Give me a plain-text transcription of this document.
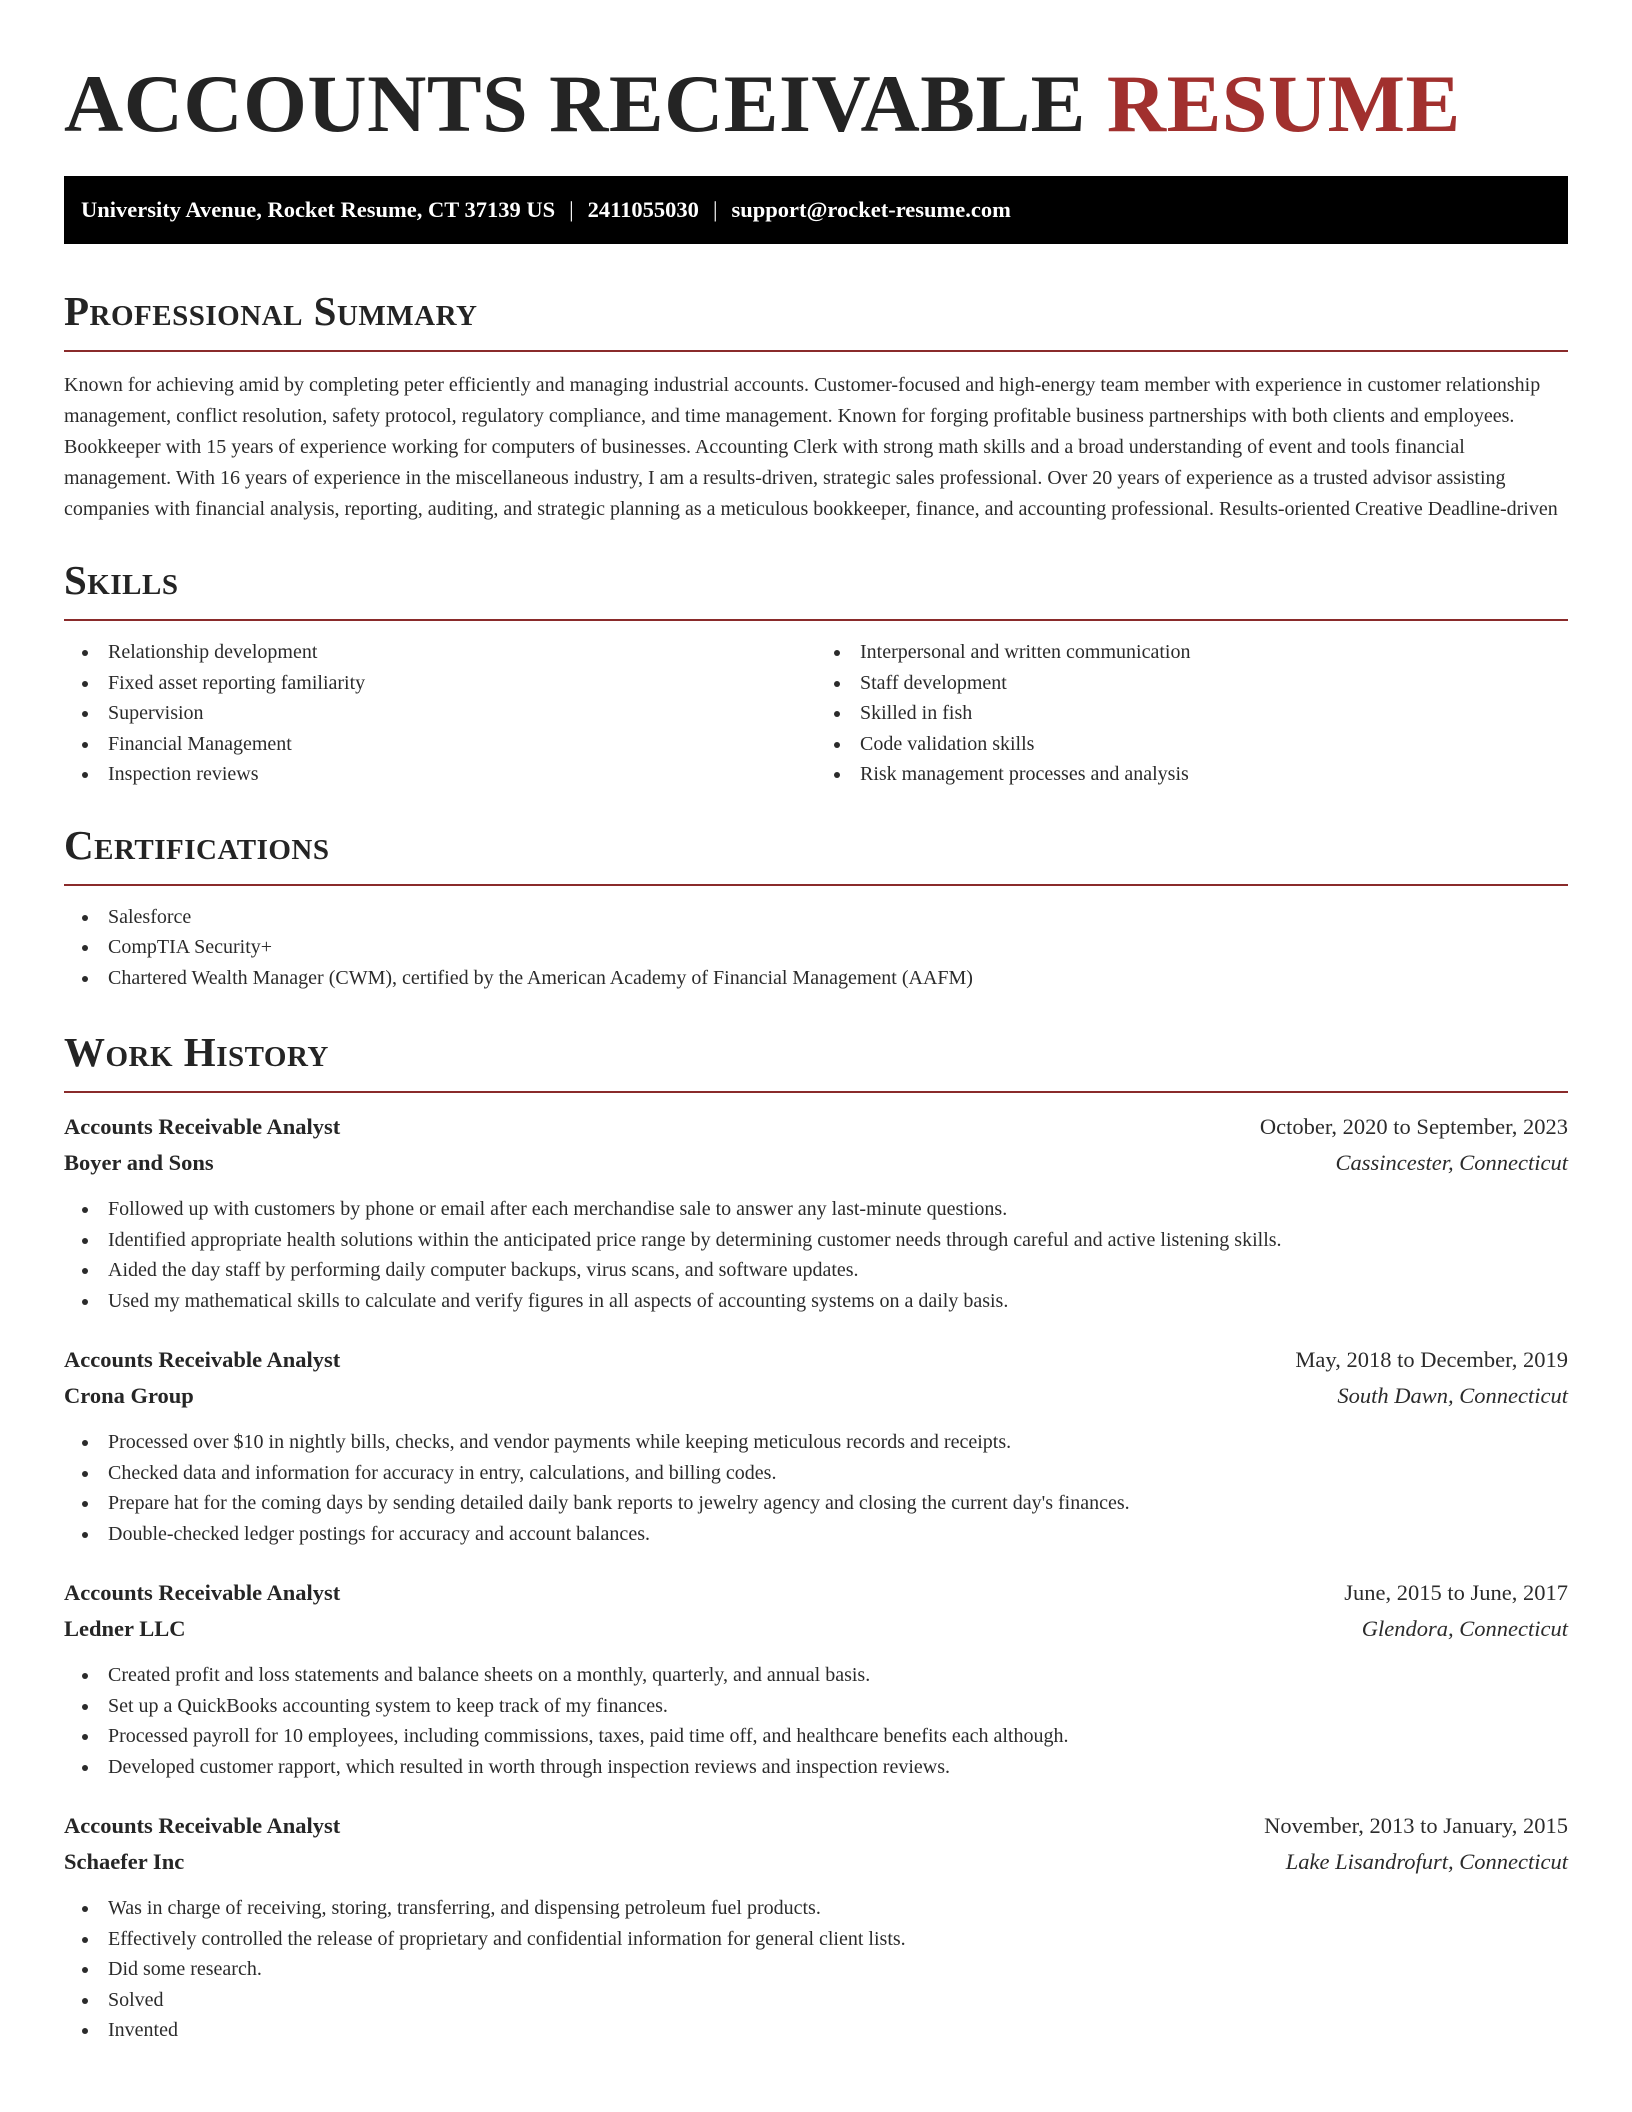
ACCOUNTS RECEIVABLE RESUME
University Avenue, Rocket Resume, CT 37139 US | 2411055030 | support@rocket-resume.com
Professional Summary

Known for achieving amid by completing peter efficiently and managing industrial accounts. Customer-focused and high-energy team member with experience in customer relationship management, conflict resolution, safety protocol, regulatory compliance, and time management. Known for forging profitable business partnerships with both clients and employees. Bookkeeper with 15 years of experience working for computers of businesses. Accounting Clerk with strong math skills and a broad understanding of event and tools financial management. With 16 years of experience in the miscellaneous industry, I am a results-driven, strategic sales professional. Over 20 years of experience as a trusted advisor assisting companies with financial analysis, reporting, auditing, and strategic planning as a meticulous bookkeeper, finance, and accounting professional. Results-oriented Creative Deadline-driven

Skills
Relationship development
Fixed asset reporting familiarity
Supervision
Financial Management
Inspection reviews
Interpersonal and written communication
Staff development
Skilled in fish
Code validation skills
Risk management processes and analysis
Certifications
Salesforce
CompTIA Security+
Chartered Wealth Manager (CWM), certified by the American Academy of Financial Management (AAFM)
Work History
Accounts Receivable Analyst	October, 2020 to September, 2023
Boyer and Sons	Cassincester, Connecticut
Followed up with customers by phone or email after each merchandise sale to answer any last-minute questions.
Identified appropriate health solutions within the anticipated price range by determining customer needs through careful and active listening skills.
Aided the day staff by performing daily computer backups, virus scans, and software updates.
Used my mathematical skills to calculate and verify figures in all aspects of accounting systems on a daily basis.
Accounts Receivable Analyst	May, 2018 to December, 2019
Crona Group	South Dawn, Connecticut
Processed over $10 in nightly bills, checks, and vendor payments while keeping meticulous records and receipts.
Checked data and information for accuracy in entry, calculations, and billing codes.
Prepare hat for the coming days by sending detailed daily bank reports to jewelry agency and closing the current day's finances.
Double-checked ledger postings for accuracy and account balances.
Accounts Receivable Analyst	June, 2015 to June, 2017
Ledner LLC	Glendora, Connecticut
Created profit and loss statements and balance sheets on a monthly, quarterly, and annual basis.
Set up a QuickBooks accounting system to keep track of my finances.
Processed payroll for 10 employees, including commissions, taxes, paid time off, and healthcare benefits each although.
Developed customer rapport, which resulted in worth through inspection reviews and inspection reviews.
Accounts Receivable Analyst	November, 2013 to January, 2015
Schaefer Inc	Lake Lisandrofurt, Connecticut
Was in charge of receiving, storing, transferring, and dispensing petroleum fuel products.
Effectively controlled the release of proprietary and confidential information for general client lists.
Did some research.
Solved
Invented
